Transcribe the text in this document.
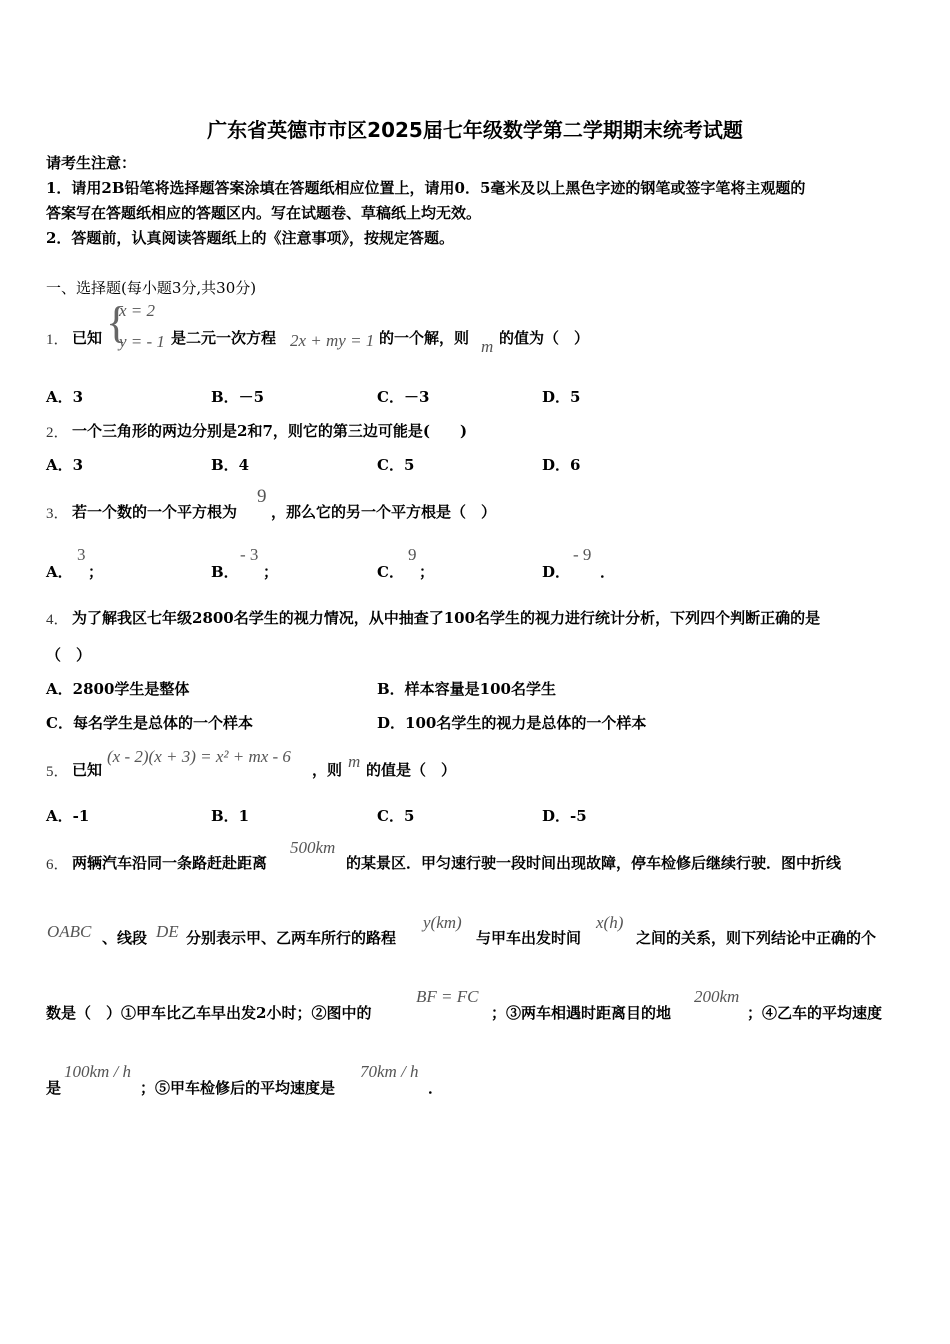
广东省英德市市区2025届七年级数学第二学期期末统考试题
请考生注意：
1．请用2B铅笔将选择题答案涂填在答题纸相应位置上，请用0．5毫米及以上黑色字迹的钢笔或签字笔将主观题的
答案写在答题纸相应的答题区内。写在试题卷、草稿纸上均无效。
2．答题前，认真阅读答题纸上的《注意事项》，按规定答题。
一、选择题(每小题3分,共30分)
1． 已知 {
x = 2
y = - 1 是二元一次方程 2x + my = 1 的一个解，则 m 的值为（　）
A．3	B．－5	C．－3	D．5
2． 一个三角形的两边分别是2和7，则它的第三边可能是(　　)
A．3	B．4	C．5	D．6
3． 若一个数的一个平方根为
9
，那么它的另一个平方根是（　）
A．
3
；	B．
- 3
；	C．
9
；	D．
- 9
．
4． 为了解我区七年级2800名学生的视力情况，从中抽查了100名学生的视力进行统计分析，下列四个判断正确的是
（　）
A．2800学生是整体	B．样本容量是100名学生
C．每名学生是总体的一个样本	D．100名学生的视力是总体的一个样本
5． 已知
(x - 2)(x + 3) = x² + mx - 6
，则 m 的值是（　）
A．-1	B．1	C．5	D．-5
6． 两辆汽车沿同一条路赶赴距离
500km
的某景区．甲匀速行驶一段时间出现故障，停车检修后继续行驶．图中折线
OABC 、线段 DE 分别表示甲、乙两车所行的路程
y(km)
与甲车出发时间
x(h)
之间的关系，则下列结论中正确的个
数是（　）①甲车比乙车早出发2小时；②图中的
BF = FC
；③两车相遇时距离目的地
200km
；④乙车的平均速度
是
100km / h
；⑤甲车检修后的平均速度是
70km / h
．
